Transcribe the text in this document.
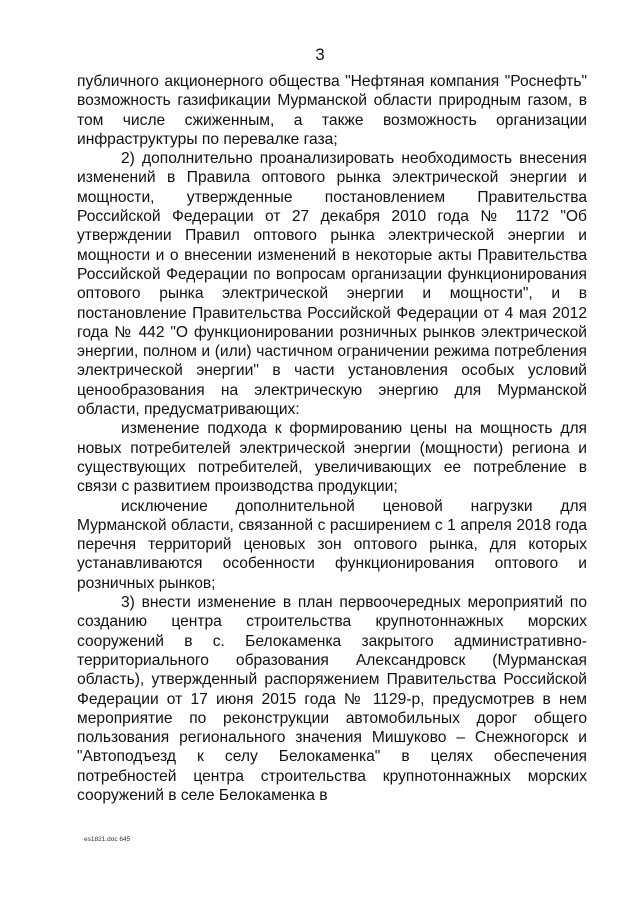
3

публичного акционерного общества "Нефтяная компания "Роснефть" возможность газификации Мурманской области природным газом, в том числе сжиженным, а также возможность организации инфраструктуры по перевалке газа;

2) дополнительно проанализировать необходимость внесения изменений в Правила оптового рынка электрической энергии и мощности, утвержденные постановлением Правительства Российской Федерации от 27 декабря 2010 года № 1172 "Об утверждении Правил оптового рынка электрической энергии и мощности и о внесении изменений в некоторые акты Правительства Российской Федерации по вопросам организации функционирования оптового рынка электрической энергии и мощности", и в постановление Правительства Российской Федерации от 4 мая 2012 года № 442 "О функционировании розничных рынков электрической энергии, полном и (или) частичном ограничении режима потребления электрической энергии" в части установления особых условий ценообразования на электрическую энергию для Мурманской области, предусматривающих:

изменение подхода к формированию цены на мощность для новых потребителей электрической энергии (мощности) региона и существующих потребителей, увеличивающих ее потребление в связи с развитием производства продукции;

исключение дополнительной ценовой нагрузки для Мурманской области, связанной с расширением с 1 апреля 2018 года перечня территорий ценовых зон оптового рынка, для которых устанавливаются особенности функционирования оптового и розничных рынков;

3) внести изменение в план первоочередных мероприятий по созданию центра строительства крупнотоннажных морских сооружений в с. Белокаменка закрытого административно-территориального образования Александровск (Мурманская область), утвержденный распоряжением Правительства Российской Федерации от 17 июня 2015 года № 1129-р, предусмотрев в нем мероприятие по реконструкции автомобильных дорог общего пользования регионального значения Мишуково – Снежногорск и "Автоподъезд к селу Белокаменка" в целях обеспечения потребностей центра строительства крупнотоннажных морских сооружений в селе Белокаменка в

es1821.doc 645
